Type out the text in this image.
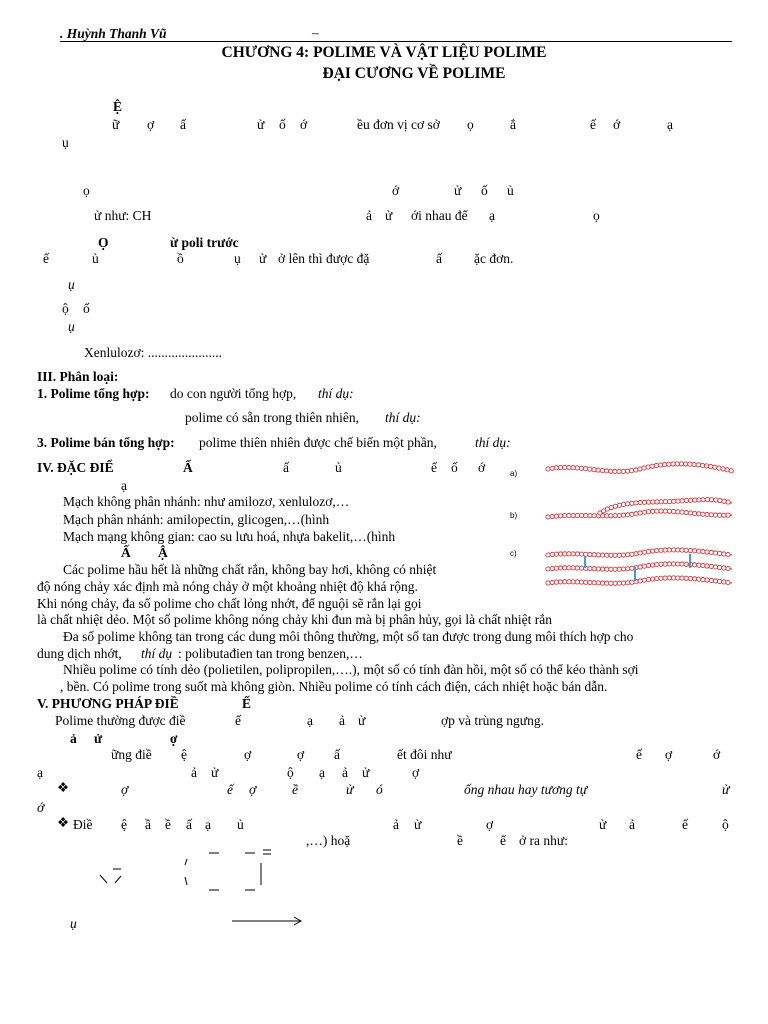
. Huỳnh Thanh Vũ	–
CHƯƠNG 4: POLIME VÀ VẬT LIỆU POLIME
ĐẠI CƯƠNG VỀ POLIME
Ệ
ữ ợ ấ	ử ố ớ	ều đơn vị cơ sở ọ	ắ	ế ớ	ạ
ụ
ọ	ớ	ử ố ủ
ử như: CH	ả ử ới nhau để ạ	ọ
Ọ	ừ poli trước
ế	ủ	ồ	ụ ử ở lên thì được đặ	ấ ặc đơn.
ụ
ộ ố
ụ
Xenlulozơ: ......................
III. Phân loại:
1. Polime tổng hợp: do con người tổng hợp, thí dụ:
polime có sẵn trong thiên nhiên, thí dụ:
3. Polime bán tổng hợp: polime thiên nhiên được chế biến một phần,	thí dụ:
IV. ĐẶC ĐIỂ	Ấ	ấ	ủ	ể ố ớ
ạ
Mạch không phân nhánh: như amilozơ, xenlulozơ,…
Mạch phân nhánh: amilopectin, glicogen,…(hình
Mạch mạng không gian: cao su lưu hoá, nhựa bakelit,…(hình
Ấ Ậ
Các polime hầu hết là những chất rắn, không bay hơi, không có nhiệt
độ nóng chảy xác định mà nóng chảy ở một khoảng nhiệt độ khá rộng.
Khi nóng chảy, đa số polime cho chất lỏng nhớt, để nguội sẽ rắn lại gọi
là chất nhiệt dẻo. Một số polime không nóng chảy khi đun mà bị phân hủy, gọi là chất nhiệt rắn
Đa số polime không tan trong các dung môi thông thường, một số tan được trong dung môi thích hợp cho
dung dịch nhớt, thí dụ : polibutađien tan trong benzen,…
Nhiều polime có tính dẻo (polietilen, polipropilen,….), một số có tính đàn hồi, một số có thể kéo thành sợi
, bền. Có polime trong suốt mà không giòn. Nhiều polime có tính cách điện, cách nhiệt hoặc bán dẫn.
a)
b)
c)
V. PHƯƠNG PHÁP ĐIỀ	Ế
Polime thường được điề	ế	ạ ả ử	ợp và trùng ngưng.
ả ử	ợ
ững điề ệ	ợ	ợ ấ	ết đôi như	ế ợ	ớ
ạ	ả ử	ộ ạ ả ử	ợ
❖	ợ	ế ợ	ề	ử ó	ống nhau hay tương tự	ử
ớ
❖ Điề ệ ầ ề ấ ạ ủ	ả ử	ợ	ử ả	ế	ộ
,…) hoặ	ề	ể ở ra như:
ụ
